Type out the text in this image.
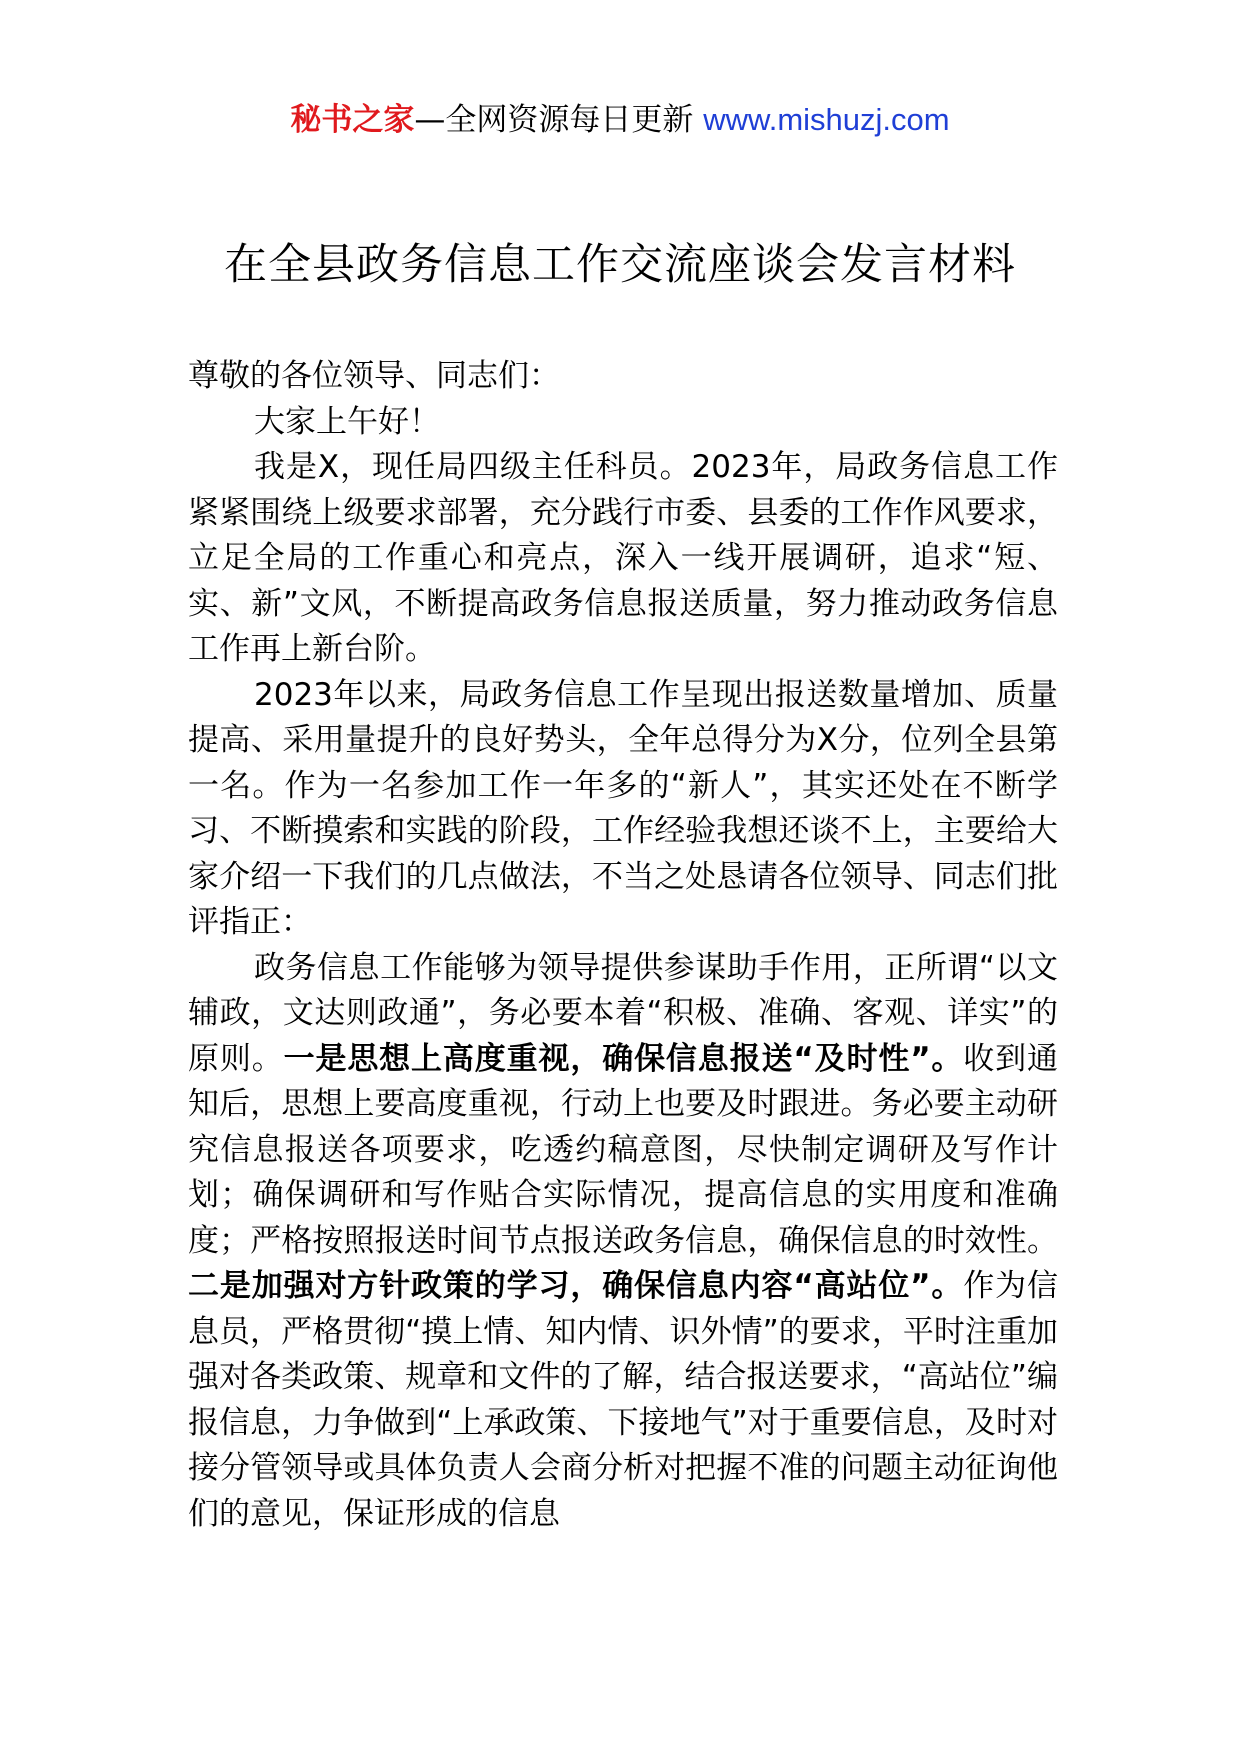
秘书之家—全网资源每日更新 www.mishuzj.com
在全县政务信息工作交流座谈会发言材料

尊敬的各位领导、同志们：

大家上午好！

我是X，现任局四级主任科员。2023年，局政务信息工作紧紧围绕上级要求部署，充分践行市委、县委的工作作风要求，立足全局的工作重心和亮点，深入一线开展调研，追求“短、实、新”文风，不断提高政务信息报送质量，努力推动政务信息工作再上新台阶。

2023年以来，局政务信息工作呈现出报送数量增加、质量提高、采用量提升的良好势头，全年总得分为X分，位列全县第一名。作为一名参加工作一年多的“新人”，其实还处在不断学习、不断摸索和实践的阶段，工作经验我想还谈不上，主要给大家介绍一下我们的几点做法，不当之处恳请各位领导、同志们批评指正：

政务信息工作能够为领导提供参谋助手作用，正所谓“以文辅政，文达则政通”，务必要本着“积极、准确、客观、详实”的原则。一是思想上高度重视，确保信息报送“及时性”。收到通知后，思想上要高度重视，行动上也要及时跟进。务必要主动研究信息报送各项要求，吃透约稿意图，尽快制定调研及写作计划；确保调研和写作贴合实际情况，提高信息的实用度和准确度；严格按照报送时间节点报送政务信息，确保信息的时效性。二是加强对方针政策的学习，确保信息内容“高站位”。作为信息员，严格贯彻“摸上情、知内情、识外情”的要求，平时注重加强对各类政策、规章和文件的了解，结合报送要求，“高站位”编报信息，力争做到“上承政策、下接地气”对于重要信息，及时对接分管领导或具体负责人会商分析对把握不准的问题主动征询他们的意见，保证形成的信息
